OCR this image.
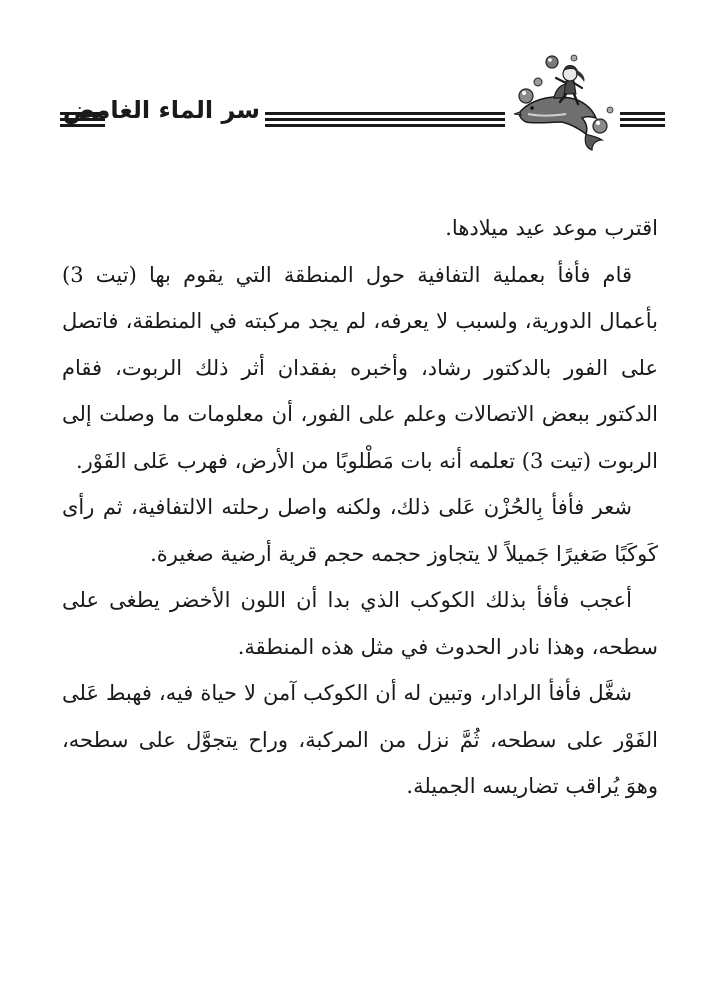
سر الماء الغامض

اقترب موعد عيد ميلادها.

قام فأفأ بعملية التفافية حول المنطقة التي يقوم بها (تيت 3) بأعمال الدورية، ولسبب لا يعرفه، لم يجد مركبته في المنطقة، فاتصل على الفور بالدكتور رشاد، وأخبره بفقدان أثر ذلك الربوت، فقام الدكتور ببعض الاتصالات وعلم على الفور، أن معلومات ما وصلت إلى الربوت (تيت 3) تعلمه أنه بات مَطْلوبًا من الأرض، فهرب عَلى الفَوْر.

شعر فأفأ بِالحُزْن عَلى ذلك، ولكنه واصل رحلته الالتفافية، ثم رأى كَوكَبًا صَغيرًا جَميلاً لا يتجاوز حجمه حجم قرية أرضية صغيرة.

أعجب فأفأ بذلك الكوكب الذي بدا أن اللون الأخضر يطغى على سطحه، وهذا نادر الحدوث في مثل هذه المنطقة.

شغَّل فأفأ الرادار، وتبين له أن الكوكب آمن لا حياة فيه، فهبط عَلى الفَوْر على سطحه، ثُمَّ نزل من المركبة، وراح يتجوَّل على سطحه، وهوَ يُراقب تضاريسه الجميلة.
